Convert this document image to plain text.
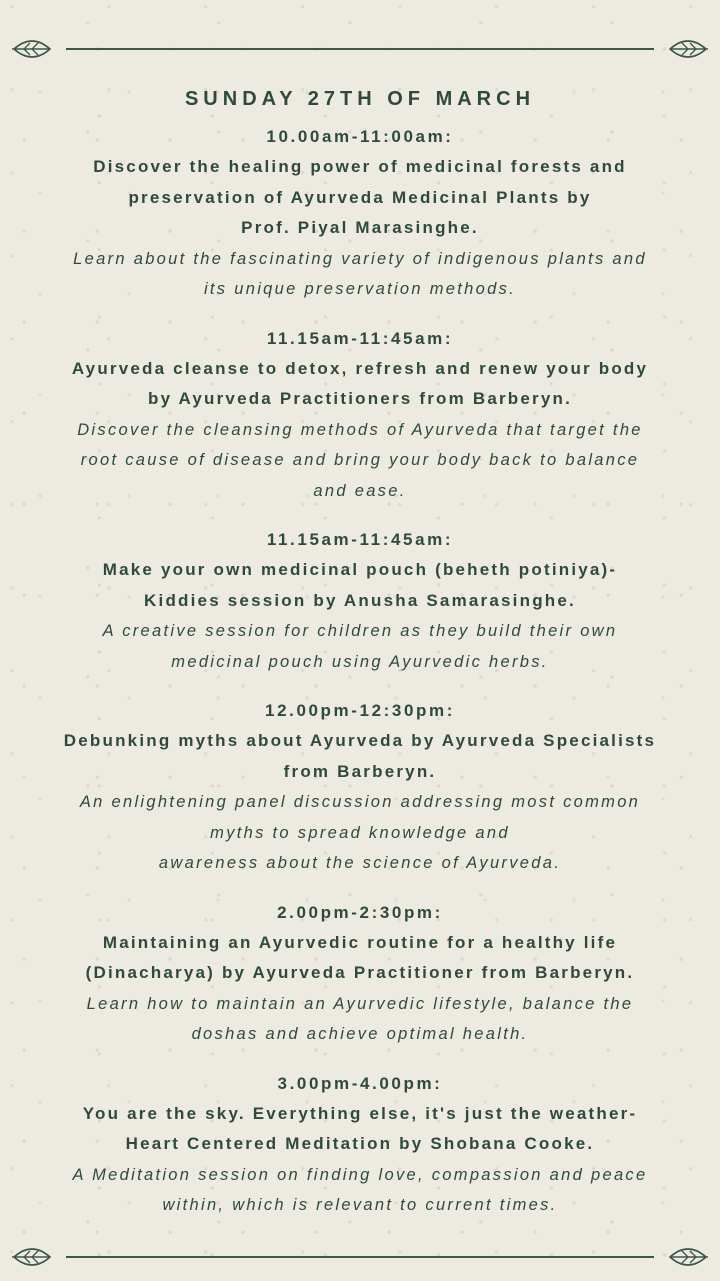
SUNDAY 27TH OF MARCH

10.00am-11:00am:

Discover the healing power of medicinal forests and
preservation of Ayurveda Medicinal Plants by
Prof. Piyal Marasinghe.

Learn about the fascinating variety of indigenous plants and
its unique preservation methods.

11.15am-11:45am:

Ayurveda cleanse to detox, refresh and renew your body
by Ayurveda Practitioners from Barberyn.

Discover the cleansing methods of Ayurveda that target the
root cause of disease and bring your body back to balance
and ease.

11.15am-11:45am:

Make your own medicinal pouch (beheth potiniya)-
Kiddies session by Anusha Samarasinghe.

A creative session for children as they build their own
medicinal pouch using Ayurvedic herbs.

12.00pm-12:30pm:

Debunking myths about Ayurveda by Ayurveda Specialists
from Barberyn.

An enlightening panel discussion addressing most common
myths to spread knowledge and
awareness about the science of Ayurveda.

2.00pm-2:30pm:

Maintaining an Ayurvedic routine for a healthy life
(Dinacharya) by Ayurveda Practitioner from Barberyn.

Learn how to maintain an Ayurvedic lifestyle, balance the
doshas and achieve optimal health.

3.00pm-4.00pm:

You are the sky. Everything else, it's just the weather-
Heart Centered Meditation by Shobana Cooke.

A Meditation session on finding love, compassion and peace
within, which is relevant to current times.
